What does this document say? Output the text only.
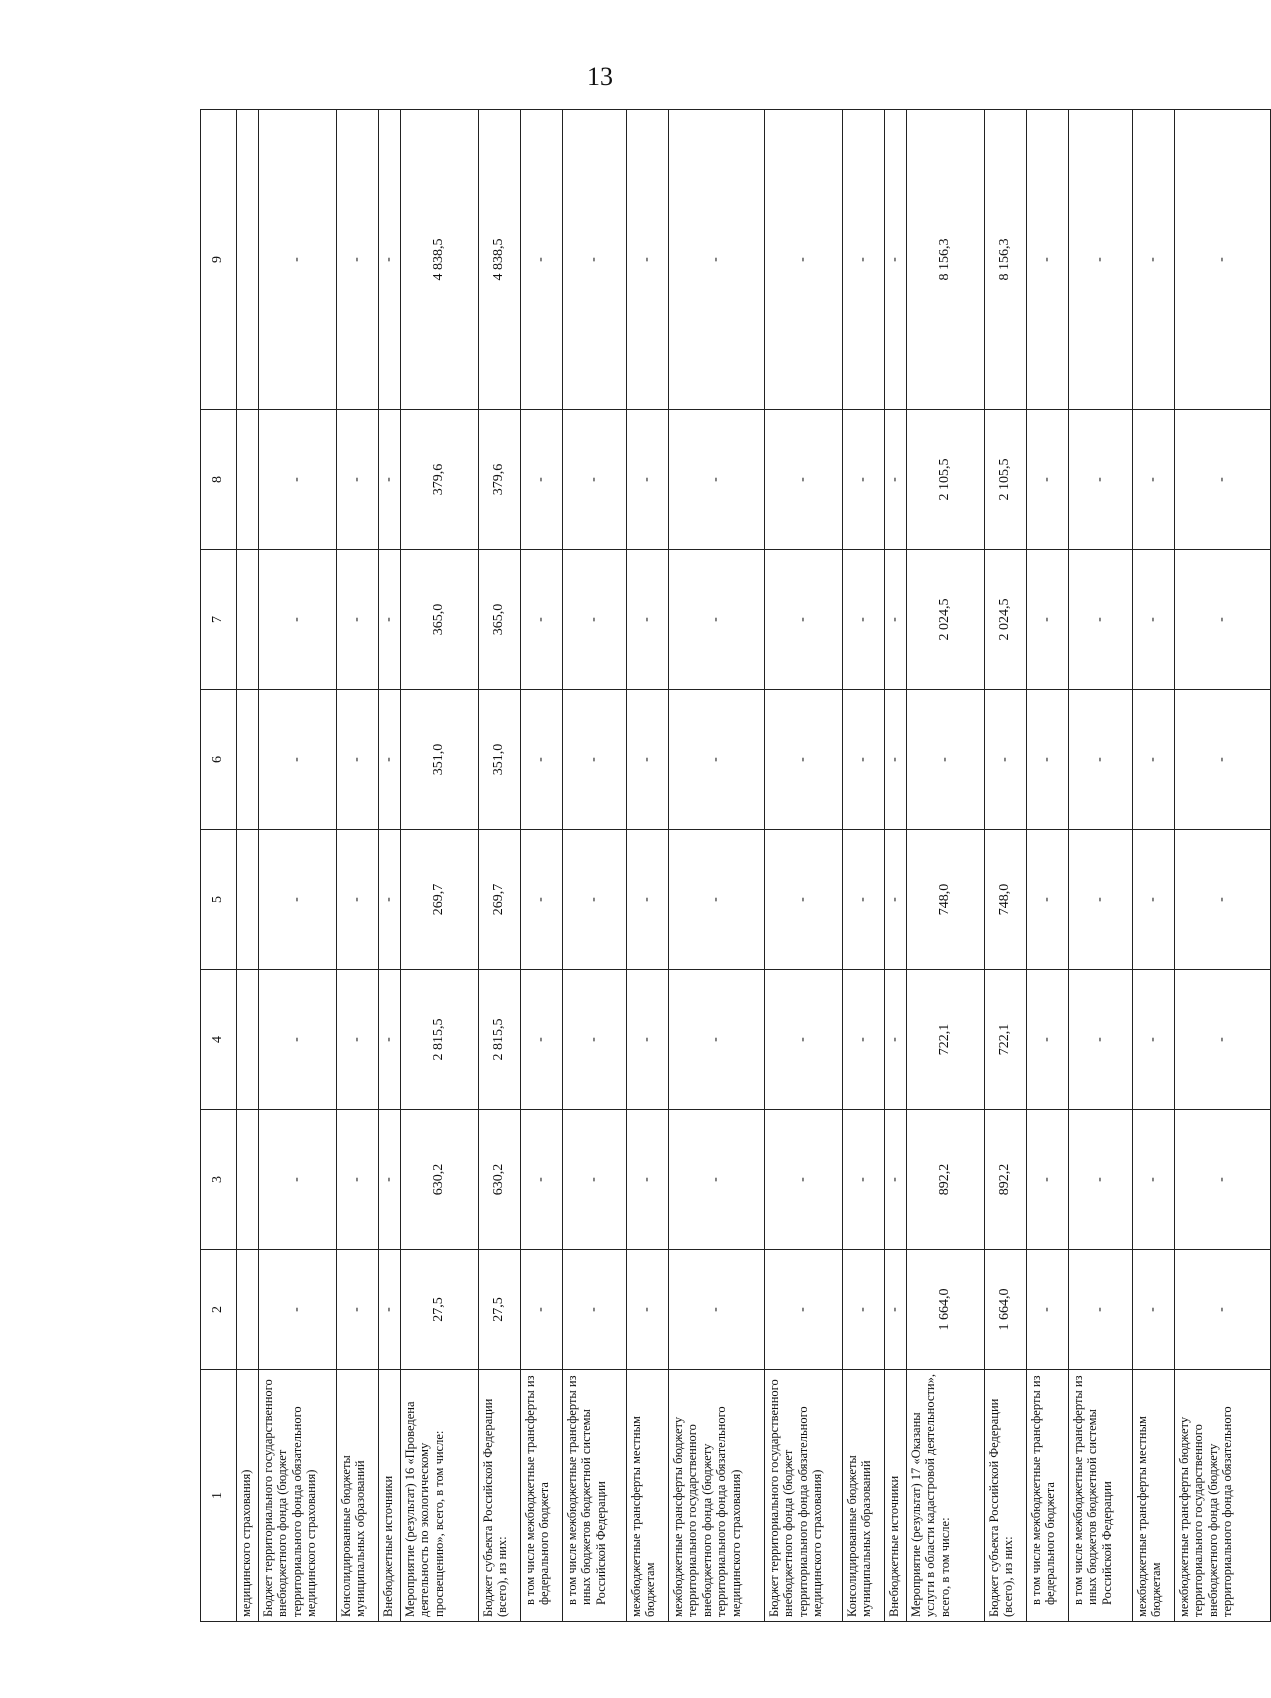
13
1	2	3	4	5	6	7	8	9
медицинского страхования)								
Бюджет территориального государственного внебюджетного фонда (бюджет территориального фонда обязательного медицинского страхования)	-	-	-	-	-	-	-	-
Консолидированные бюджеты муниципальных образований	-	-	-	-	-	-	-	-
Внебюджетные источники	-	-	-	-	-	-	-	-
Мероприятие (результат) 16 «Проведена деятельность по экологическому просвещению», всего, в том числе:	27,5	630,2	2 815,5	269,7	351,0	365,0	379,6	4 838,5
Бюджет субъекта Российской Федерации (всего), из них:	27,5	630,2	2 815,5	269,7	351,0	365,0	379,6	4 838,5
в том числе межбюджетные трансферты из федерального бюджета	-	-	-	-	-	-	-	-
в том числе межбюджетные трансферты из иных бюджетов бюджетной системы Российской Федерации	-	-	-	-	-	-	-	-
межбюджетные трансферты местным бюджетам	-	-	-	-	-	-	-	-
межбюджетные трансферты бюджету территориального государственного внебюджетного фонда (бюджету территориального фонда обязательного медицинского страхования)	-	-	-	-	-	-	-	-
Бюджет территориального государственного внебюджетного фонда (бюджет территориального фонда обязательного медицинского страхования)	-	-	-	-	-	-	-	-
Консолидированные бюджеты муниципальных образований	-	-	-	-	-	-	-	-
Внебюджетные источники	-	-	-	-	-	-	-	-
Мероприятие (результат) 17 «Оказаны услуги в области кадастровой деятельности», всего, в том числе:	1 664,0	892,2	722,1	748,0	-	2 024,5	2 105,5	8 156,3
Бюджет субъекта Российской Федерации (всего), из них:	1 664,0	892,2	722,1	748,0	-	2 024,5	2 105,5	8 156,3
в том числе межбюджетные трансферты из федерального бюджета	-	-	-	-	-	-	-	-
в том числе межбюджетные трансферты из иных бюджетов бюджетной системы Российской Федерации	-	-	-	-	-	-	-	-
межбюджетные трансферты местным бюджетам	-	-	-	-	-	-	-	-
межбюджетные трансферты бюджету территориального государственного внебюджетного фонда (бюджету территориального фонда обязательного	-	-	-	-	-	-	-	-
